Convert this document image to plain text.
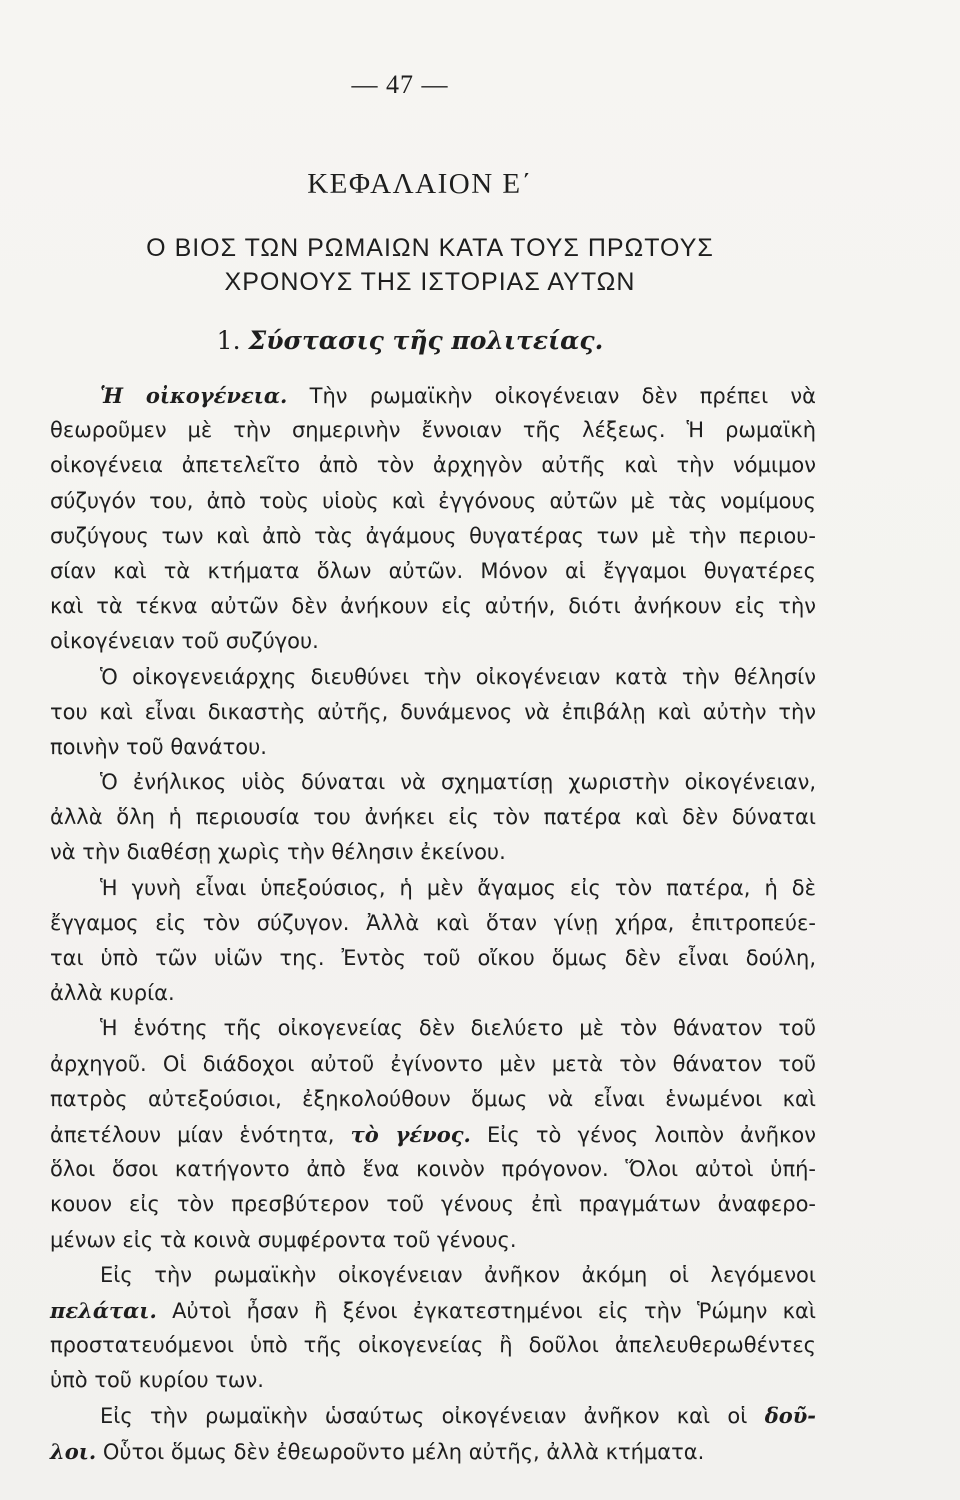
— 47 —
ΚΕΦΑΛΑΙΟΝ Ε΄
Ο ΒΙΟΣ ΤΩΝ ΡΩΜΑΙΩΝ ΚΑΤΑ ΤΟΥΣ ΠΡΩΤΟΥΣ
ΧΡΟΝΟΥΣ ΤΗΣ ΙΣΤΟΡΙΑΣ ΑΥΤΩΝ
1. Σύστασις τῆς πολιτείας.
Ἡ οἰκογένεια. Τὴν ρωμαϊκὴν οἰκογένειαν δὲν πρέπει νὰ
θεωροῦμεν μὲ τὴν σημερινὴν ἔννοιαν τῆς λέξεως. Ἡ ρωμαϊκὴ
οἰκογένεια ἀπετελεῖτο ἀπὸ τὸν ἀρχηγὸν αὐτῆς καὶ τὴν νόμιμον
σύζυγόν του, ἀπὸ τοὺς υἱοὺς καὶ ἐγγόνους αὐτῶν μὲ τὰς νομίμους
συζύγους των καὶ ἀπὸ τὰς ἀγάμους θυγατέρας των μὲ τὴν περιου-
σίαν καὶ τὰ κτήματα ὅλων αὐτῶν. Μόνον αἱ ἔγγαμοι θυγατέρες
καὶ τὰ τέκνα αὐτῶν δὲν ἀνήκουν εἰς αὐτήν, διότι ἀνήκουν εἰς τὴν
οἰκογένειαν τοῦ συζύγου.
Ὁ οἰκογενειάρχης διευθύνει τὴν οἰκογένειαν κατὰ τὴν θέλησίν
του καὶ εἶναι δικαστὴς αὐτῆς, δυνάμενος νὰ ἐπιβάλῃ καὶ αὐτὴν τὴν
ποινὴν τοῦ θανάτου.
Ὁ ἐνήλικος υἱὸς δύναται νὰ σχηματίσῃ χωριστὴν οἰκογένειαν,
ἀλλὰ ὅλη ἡ περιουσία του ἀνήκει εἰς τὸν πατέρα καὶ δὲν δύναται
νὰ τὴν διαθέσῃ χωρὶς τὴν θέλησιν ἐκείνου.
Ἡ γυνὴ εἶναι ὑπεξούσιος, ἡ μὲν ἄγαμος εἰς τὸν πατέρα, ἡ δὲ
ἔγγαμος εἰς τὸν σύζυγον. Ἀλλὰ καὶ ὅταν γίνῃ χήρα, ἐπιτροπεύε-
ται ὑπὸ τῶν υἱῶν της. Ἐντὸς τοῦ οἴκου ὅμως δὲν εἶναι δούλη,
ἀλλὰ κυρία.
Ἡ ἑνότης τῆς οἰκογενείας δὲν διελύετο μὲ τὸν θάνατον τοῦ
ἀρχηγοῦ. Οἱ διάδοχοι αὐτοῦ ἐγίνοντο μὲν μετὰ τὸν θάνατον τοῦ
πατρὸς αὐτεξούσιοι, ἐξηκολούθουν ὅμως νὰ εἶναι ἑνωμένοι καὶ
ἀπετέλουν μίαν ἑνότητα, τὸ γένος. Εἰς τὸ γένος λοιπὸν ἀνῆκον
ὅλοι ὅσοι κατήγοντο ἀπὸ ἕνα κοινὸν πρόγονον. Ὅλοι αὐτοὶ ὑπή-
κουον εἰς τὸν πρεσβύτερον τοῦ γένους ἐπὶ πραγμάτων ἀναφερο-
μένων εἰς τὰ κοινὰ συμφέροντα τοῦ γένους.
Εἰς τὴν ρωμαϊκὴν οἰκογένειαν ἀνῆκον ἀκόμη οἱ λεγόμενοι
πελάται. Αὐτοὶ ἦσαν ἢ ξένοι ἐγκατεστημένοι εἰς τὴν Ῥώμην καὶ
προστατευόμενοι ὑπὸ τῆς οἰκογενείας ἢ δοῦλοι ἀπελευθερωθέντες
ὑπὸ τοῦ κυρίου των.
Εἰς τὴν ρωμαϊκὴν ὡσαύτως οἰκογένειαν ἀνῆκον καὶ οἱ δοῦ-
λοι. Οὗτοι ὅμως δὲν ἐθεωροῦντο μέλη αὐτῆς, ἀλλὰ κτήματα.
